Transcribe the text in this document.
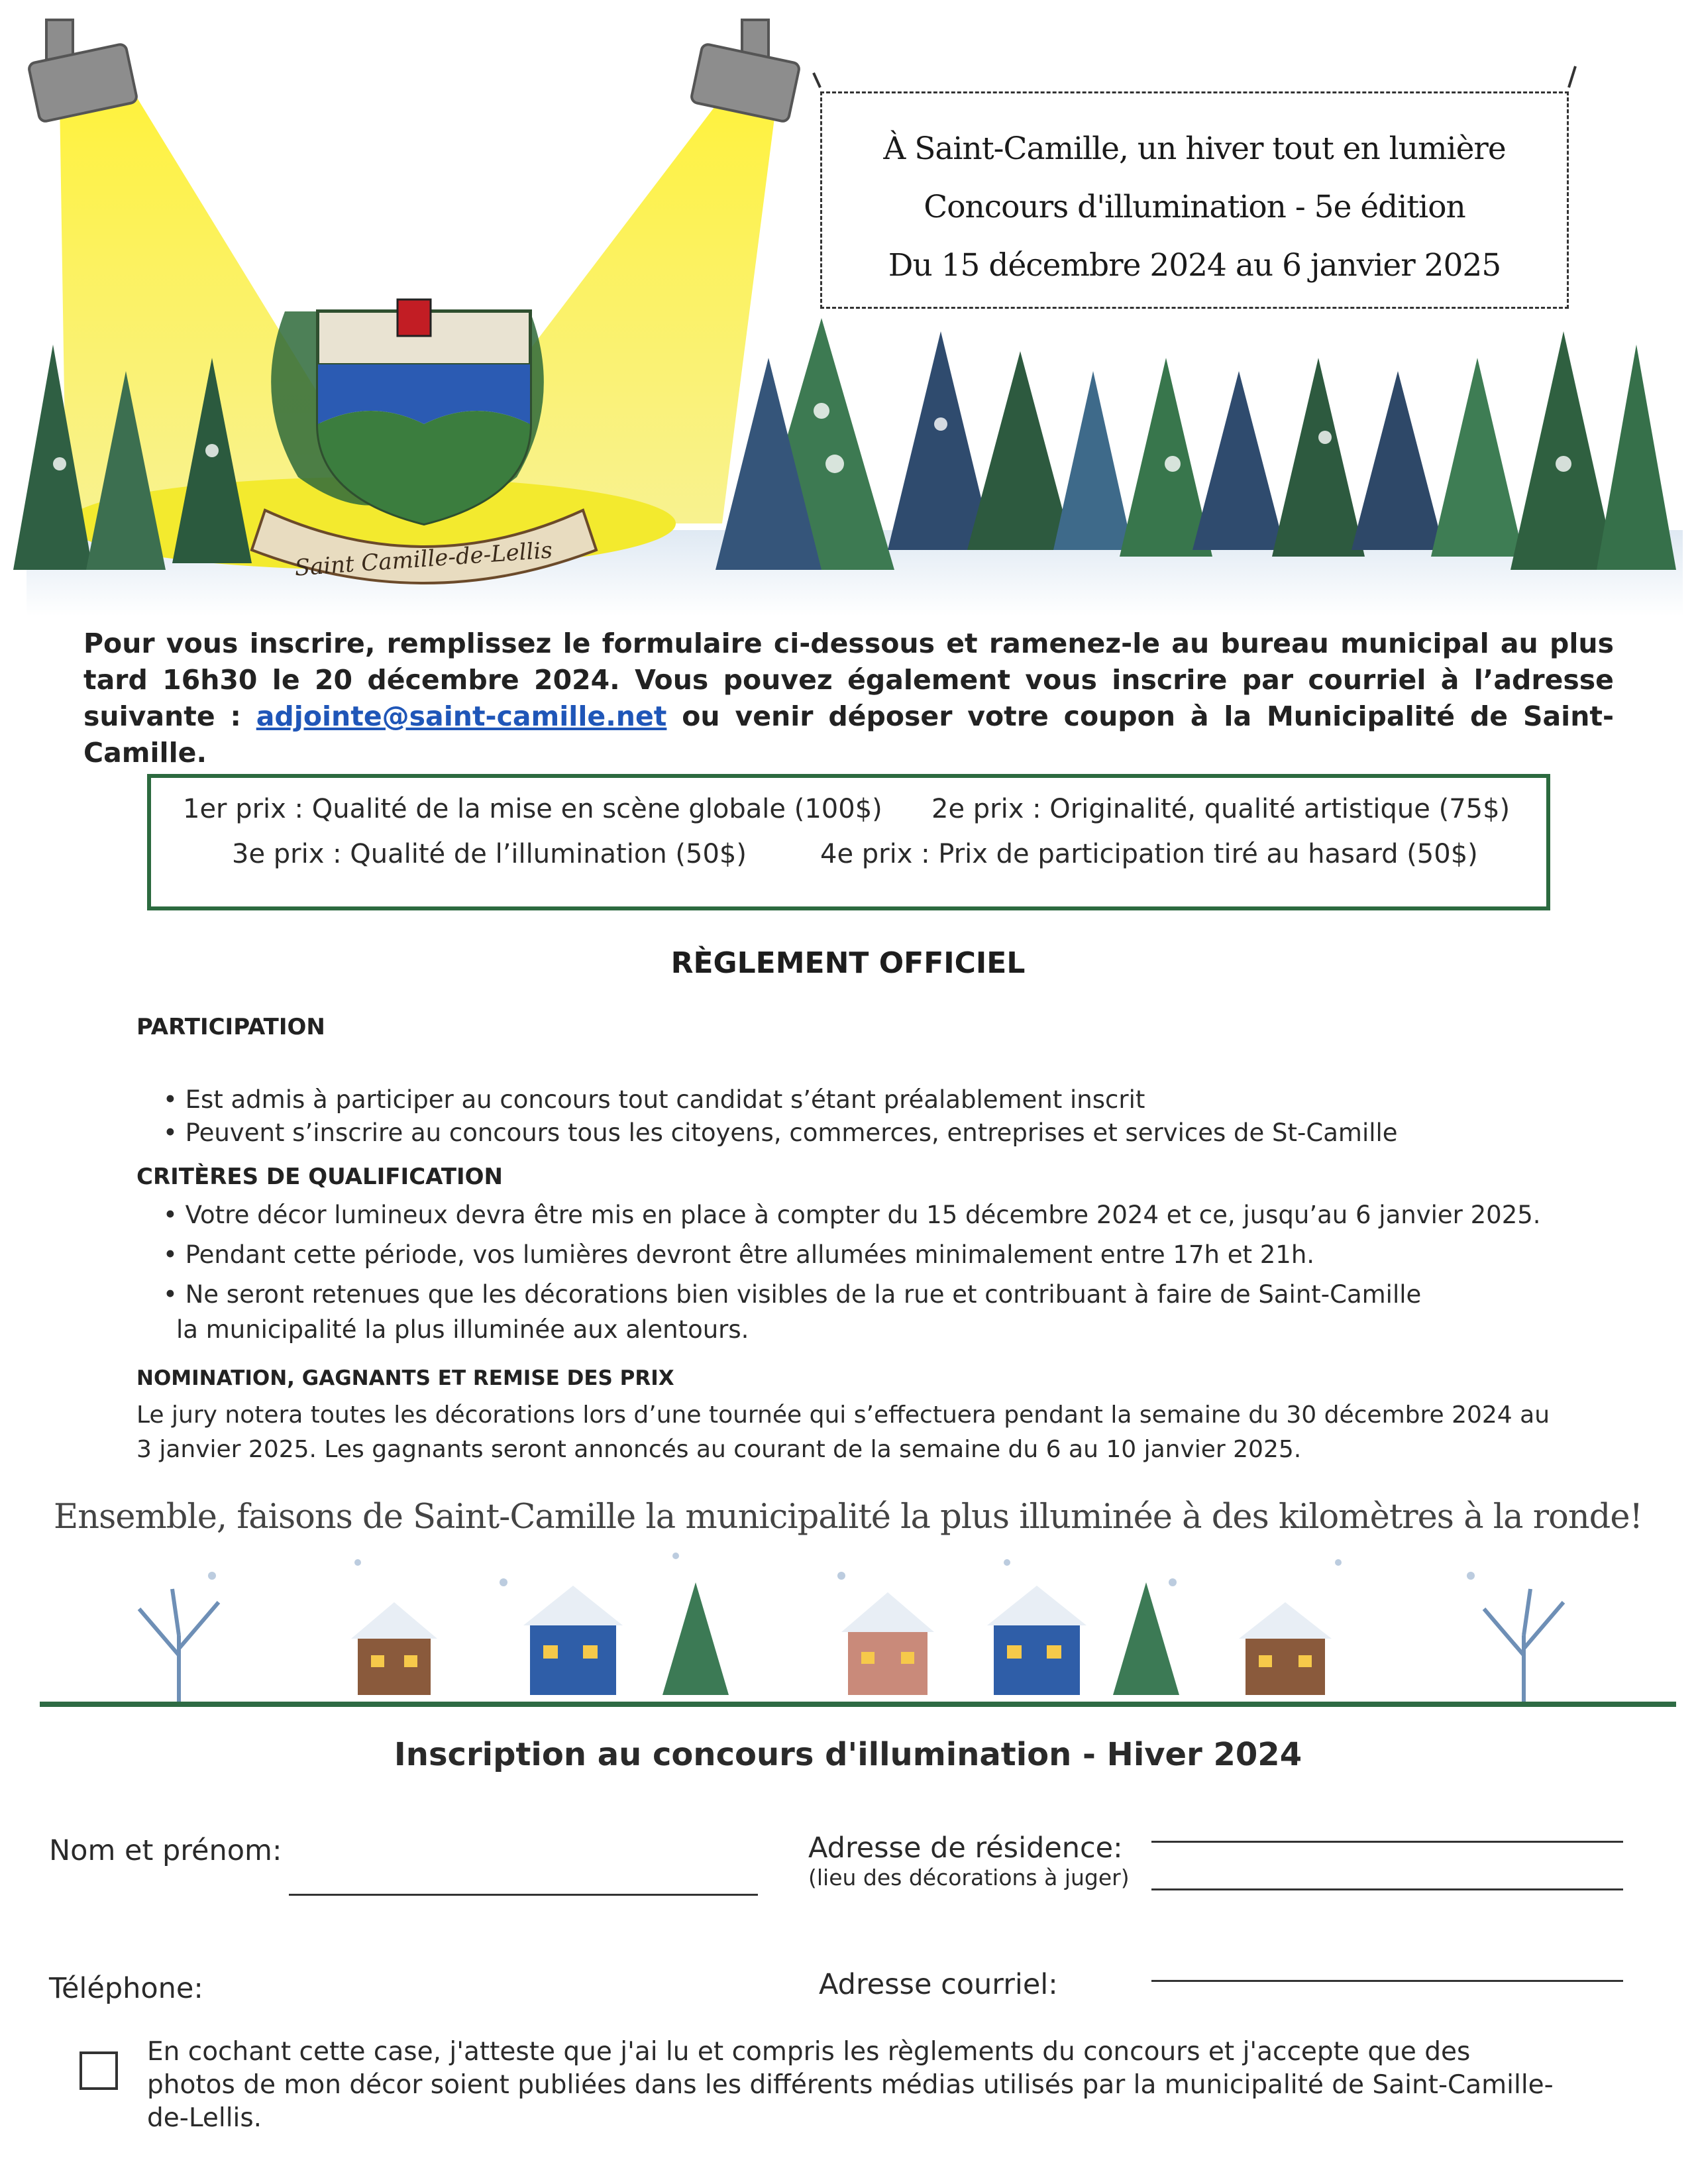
Saint Camille-de-Lellis
À Saint-Camille, un hiver tout en lumière
Concours d'illumination - 5e édition
Du 15 décembre 2024 au 6 janvier 2025
Pour vous inscrire, remplissez le formulaire ci-dessous et ramenez-le au bureau municipal au plus tard 16h30 le 20 décembre 2024. Vous pouvez également vous inscrire par courriel à l’adresse suivante : adjointe@saint-camille.net ou venir déposer votre coupon à la Municipalité de Saint-Camille.
1er prix : Qualité de la mise en scène globale (100$) 2e prix : Originalité, qualité artistique (75$)
3e prix : Qualité de l’illumination (50$)	4e prix : Prix de participation tiré au hasard (50$)
RÈGLEMENT OFFICIEL
PARTICIPATION
• Est admis à participer au concours tout candidat s’étant préalablement inscrit
• Peuvent s’inscrire au concours tous les citoyens, commerces, entreprises et services de St-Camille
CRITÈRES DE QUALIFICATION
• Votre décor lumineux devra être mis en place à compter du 15 décembre 2024 et ce, jusqu’au 6 janvier 2025.
• Pendant cette période, vos lumières devront être allumées minimalement entre 17h et 21h.
• Ne seront retenues que les décorations bien visibles de la rue et contribuant à faire de Saint-Camille
la municipalité la plus illuminée aux alentours.
NOMINATION, GAGNANTS ET REMISE DES PRIX
Le jury notera toutes les décorations lors d’une tournée qui s’effectuera pendant la semaine du 30 décembre 2024 au
3 janvier 2025. Les gagnants seront annoncés au courant de la semaine du 6 au 10 janvier 2025.
Ensemble, faisons de Saint-Camille la municipalité la plus illuminée à des kilomètres à la ronde!
Inscription au concours d'illumination - Hiver 2024
Nom et prénom:	Adresse de résidence:
(lieu des décorations à juger)
Téléphone:	Adresse courriel:
En cochant cette case, j'atteste que j'ai lu et compris les règlements du concours et j'accepte que des photos de mon décor soient publiées dans les différents médias utilisés par la municipalité de Saint-Camille-de-Lellis.
